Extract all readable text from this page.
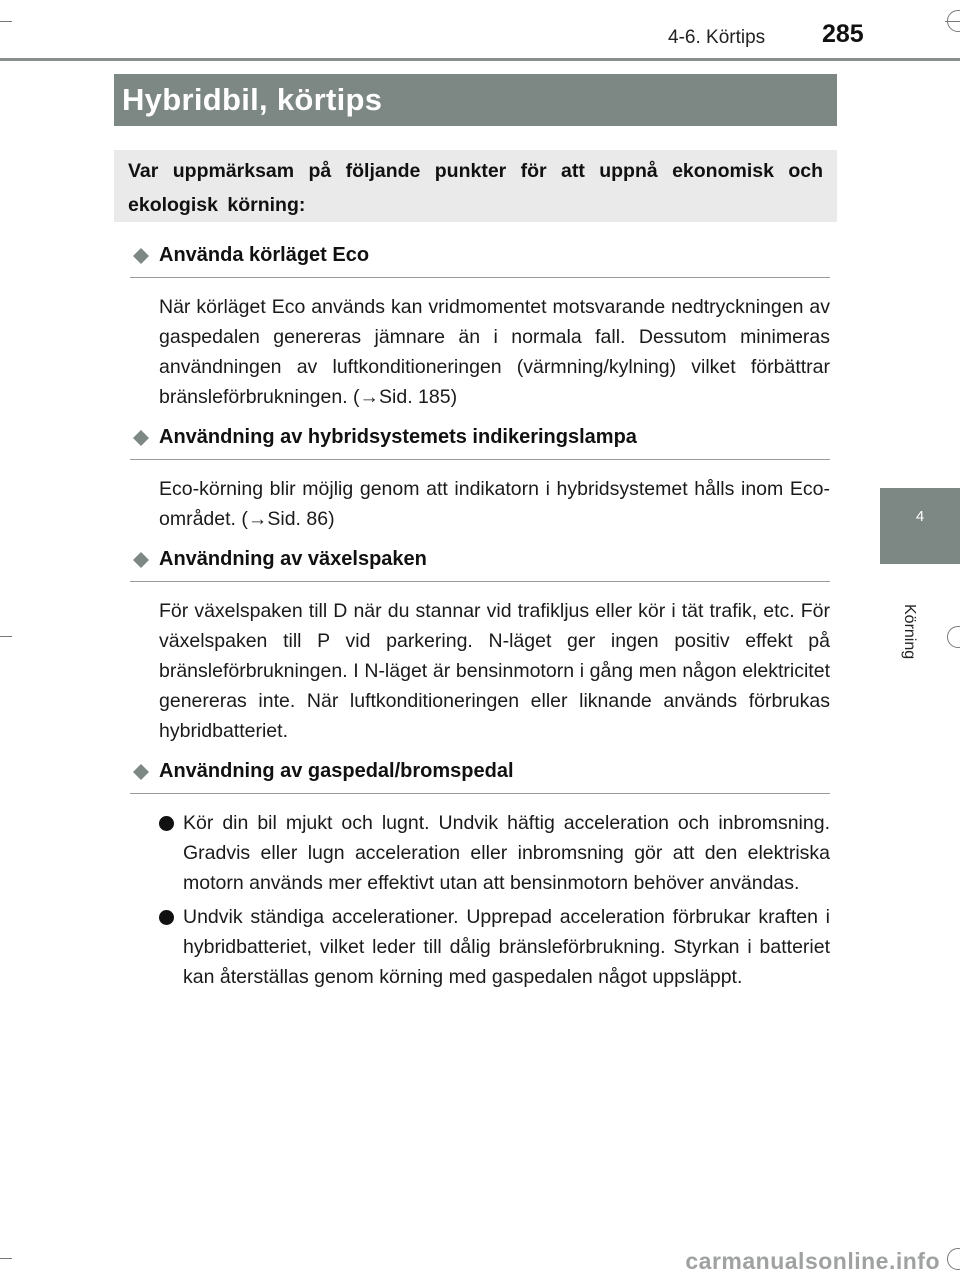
4-6. Körtips 285
Hybridbil, körtips
Var uppmärksam på följande punkter för att uppnå ekonomisk och ekologisk körning:
4
Körning
Använda körläget Eco
När körläget Eco används kan vridmomentet motsvarande nedtryckningen av gaspedalen genereras jämnare än i normala fall. Dessutom minimeras användningen av luftkonditioneringen (värmning/kylning) vilket förbättrar bränsleförbrukningen. (→Sid. 185)
Användning av hybridsystemets indikeringslampa
Eco-körning blir möjlig genom att indikatorn i hybridsystemet hålls inom Eco-området. (→Sid. 86)
Användning av växelspaken
För växelspaken till D när du stannar vid trafikljus eller kör i tät trafik, etc. För växelspaken till P vid parkering. N-läget ger ingen positiv effekt på bränsleförbrukningen. I N-läget är bensinmotorn i gång men någon elektricitet genereras inte. När luftkonditioneringen eller liknande används förbrukas hybridbatteriet.
Användning av gaspedal/bromspedal
Kör din bil mjukt och lugnt. Undvik häftig acceleration och inbromsning. Gradvis eller lugn acceleration eller inbromsning gör att den elektriska motorn används mer effektivt utan att bensinmotorn behöver användas.
Undvik ständiga accelerationer. Upprepad acceleration förbrukar kraften i hybridbatteriet, vilket leder till dålig bränsleförbrukning. Styrkan i batteriet kan återställas genom körning med gaspedalen något uppsläppt.
carmanualsonline.info
